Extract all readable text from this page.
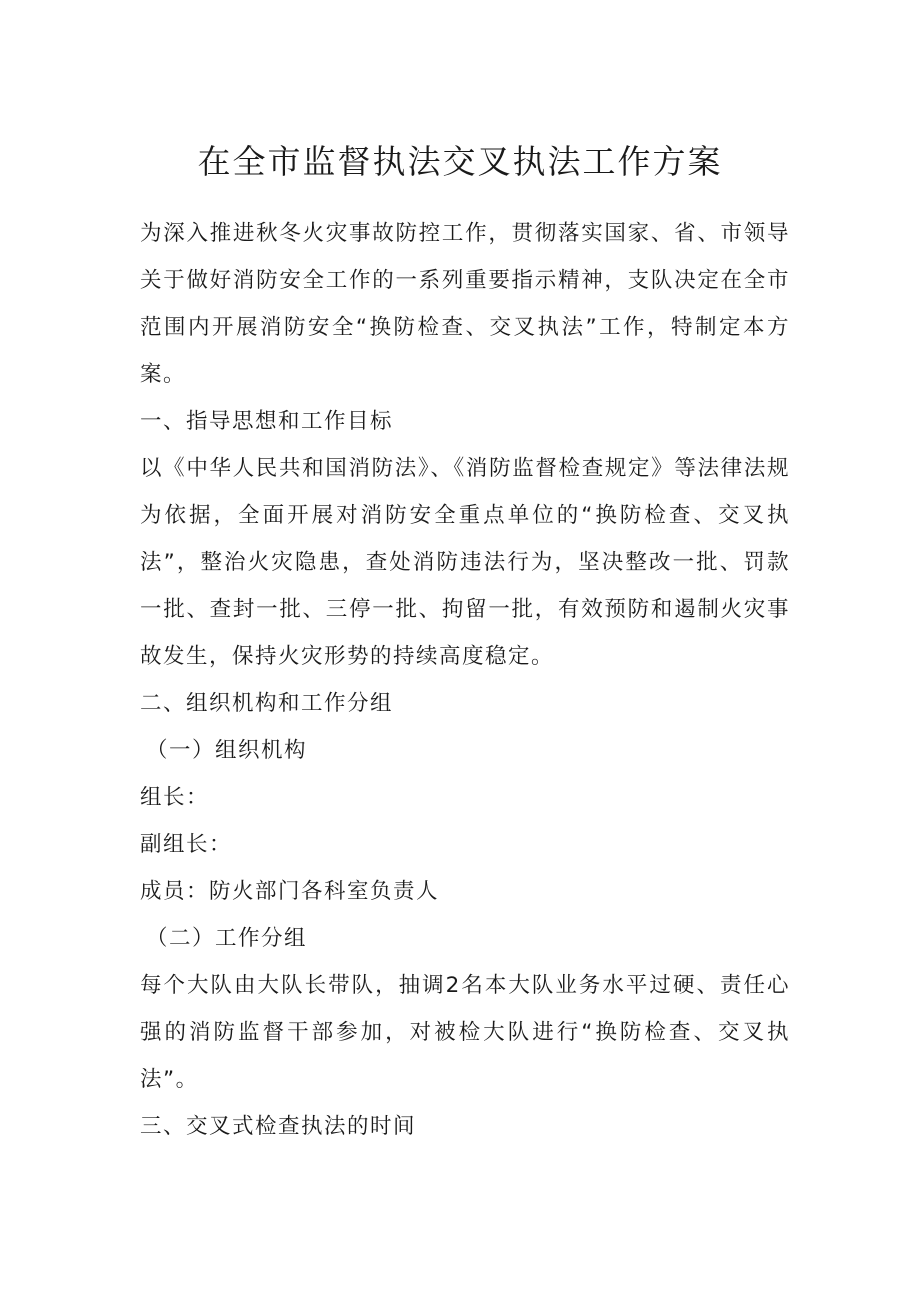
在全市监督执法交叉执法工作方案

为深入推进秋冬火灾事故防控工作，贯彻落实国家、省、市领导关于做好消防安全工作的一系列重要指示精神，支队决定在全市范围内开展消防安全“换防检查、交叉执法”工作，特制定本方案。

一、指导思想和工作目标

以《中华人民共和国消防法》、《消防监督检查规定》等法律法规为依据，全面开展对消防安全重点单位的“换防检查、交叉执法”，整治火灾隐患，查处消防违法行为，坚决整改一批、罚款一批、查封一批、三停一批、拘留一批，有效预防和遏制火灾事故发生，保持火灾形势的持续高度稳定。

二、组织机构和工作分组

（一）组织机构

组长：

副组长：

成员：防火部门各科室负责人

（二）工作分组

每个大队由大队长带队，抽调2名本大队业务水平过硬、责任心强的消防监督干部参加，对被检大队进行“换防检查、交叉执法”。

三、交叉式检查执法的时间
